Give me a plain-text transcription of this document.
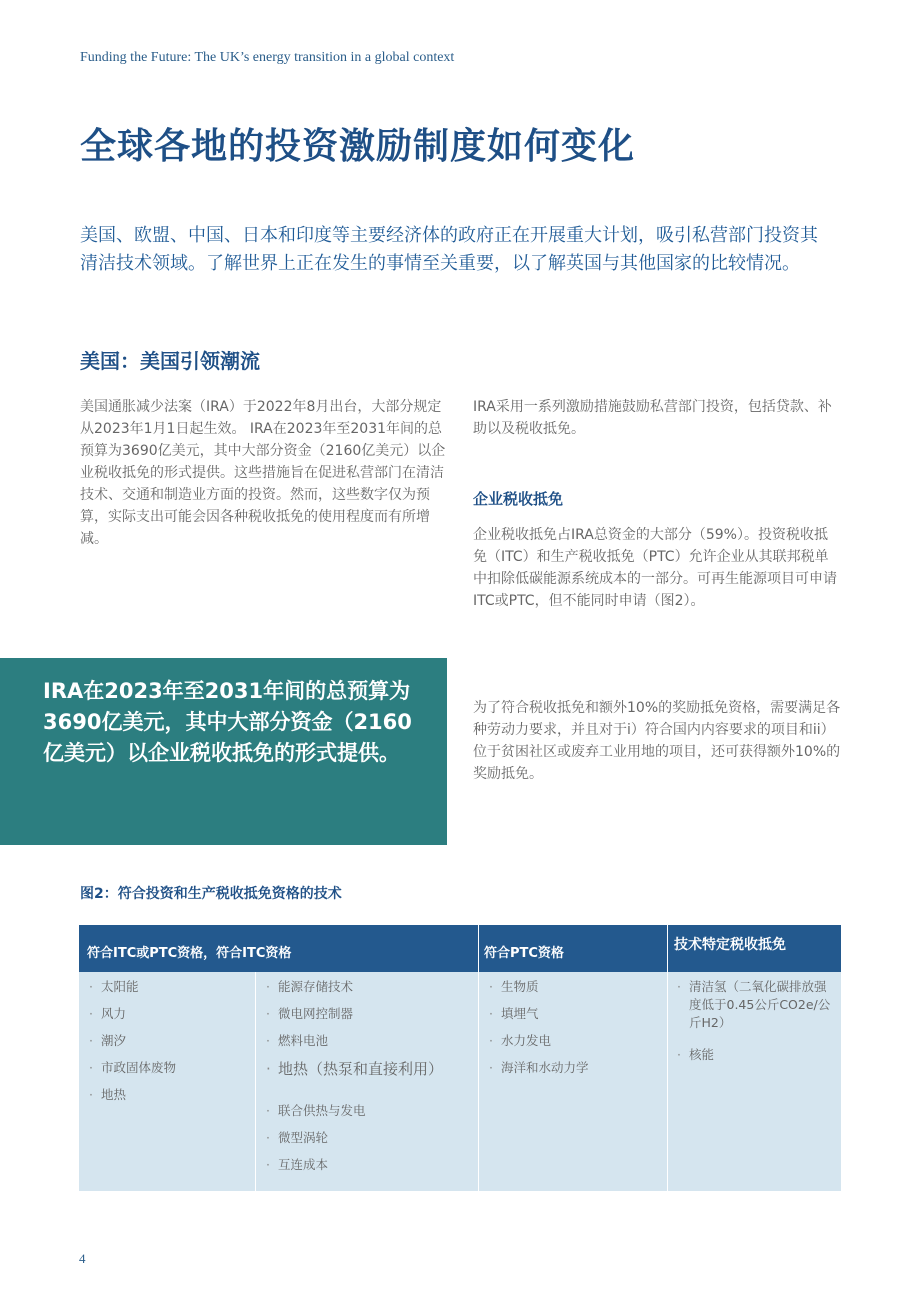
Funding the Future: The UK’s energy transition in a global context
全球各地的投资激励制度如何变化

美国、欧盟、中国、日本和印度等主要经济体的政府正在开展重大计划，吸引私营部门投资其清洁技术领域。了解世界上正在发生的事情至关重要，以了解英国与其他国家的比较情况。

美国：美国引领潮流

美国通胀减少法案（IRA）于2022年8月出台，大部分规定从2023年1月1日起生效。 IRA在2023年至2031年间的总预算为3690亿美元，其中大部分资金（2160亿美元）以企业税收抵免的形式提供。这些措施旨在促进私营部门在清洁技术、交通和制造业方面的投资。然而，这些数字仅为预算，实际支出可能会因各种税收抵免的使用程度而有所增减。

IRA采用一系列激励措施鼓励私营部门投资，包括贷款、补助以及税收抵免。

企业税收抵免

企业税收抵免占IRA总资金的大部分（59%）。投资税收抵免（ITC）和生产税收抵免（PTC）允许企业从其联邦税单中扣除低碳能源系统成本的一部分。可再生能源项目可申请ITC或PTC，但不能同时申请（图2）。

IRA在2023年至2031年间的总预算为3690亿美元，其中大部分资金（2160亿美元）以企业税收抵免的形式提供。

为了符合税收抵免和额外10%的奖励抵免资格，需要满足各种劳动力要求，并且对于i）符合国内内容要求的项目和ii）位于贫困社区或废弃工业用地的项目，还可获得额外10%的奖励抵免。

图2：符合投资和生产税收抵免资格的技术
符合ITC或PTC资格，符合ITC资格	符合PTC资格
技术特定税收抵免
· 太阳能
· 风力
· 潮汐
· 市政固体废物
· 地热
· 能源存储技术
· 微电网控制器
· 燃料电池
· 地热（热泵和直接利用）
· 联合供热与发电
· 微型涡轮
· 互连成本
· 生物质
· 填埋气
· 水力发电
· 海洋和水动力学
· 清洁氢（二氧化碳排放强度低于0.45公斤CO2e/公斤H2）
· 核能
4
